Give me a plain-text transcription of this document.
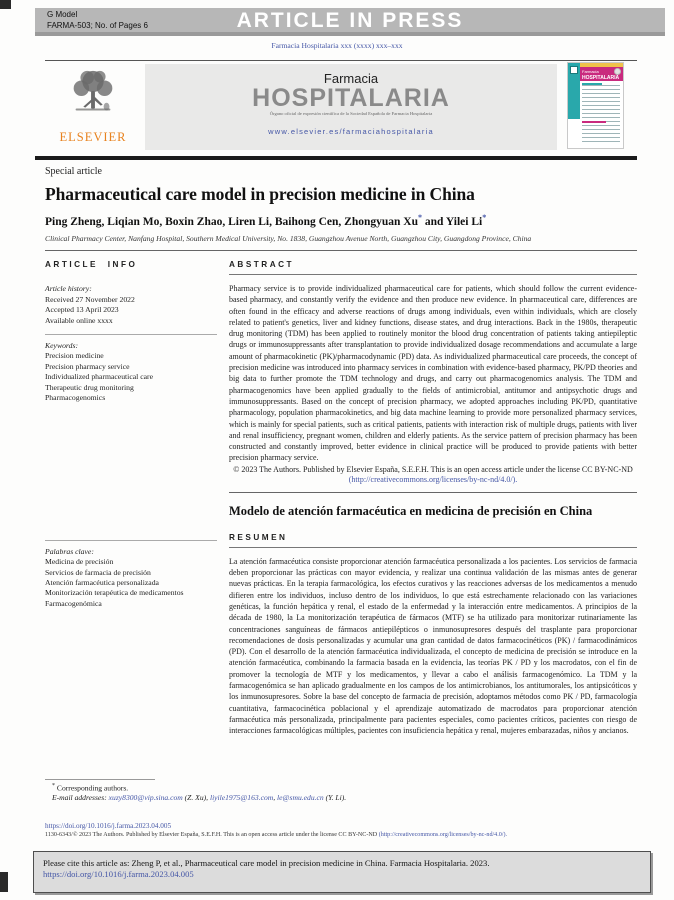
G Model
FARMA-503; No. of Pages 6	ARTICLE IN PRESS
Farmacia Hospitalaria xxx (xxxx) xxx–xxx
ELSEVIER
Farmacia
HOSPITALARIA
Órgano oficial de expresión científica de la Sociedad Española de Farmacia Hospitalaria
www.elsevier.es/farmaciahospitalaria
Farmacia
HOSPITALARIA
Special article
Pharmaceutical care model in precision medicine in China
Ping Zheng, Liqian Mo, Boxin Zhao, Liren Li, Baihong Cen, Zhongyuan Xu* and Yilei Li*
Clinical Pharmacy Center, Nanfang Hospital, Southern Medical University, No. 1838, Guangzhou Avenue North, Guangzhou City, Guangdong Province, China
ARTICLE INFO
Article history:
Received 27 November 2022
Accepted 13 April 2023
Available online xxxx
Keywords:
Precision medicine
Precision pharmacy service
Individualized pharmaceutical care
Therapeutic drug monitoring
Pharmacogenomics
ABSTRACT

Pharmacy service is to provide individualized pharmaceutical care for patients, which should follow the current evidence-based pharmacy, and constantly verify the evidence and then produce new evidence. In pharmaceutical care, differences are often found in the efficacy and adverse reactions of drugs among individuals, even within individuals, which are closely related to patient's genetics, liver and kidney functions, disease states, and drug interactions. Back in the 1980s, therapeutic drug monitoring (TDM) has been applied to routinely monitor the blood drug concentration of patients taking antiepileptic drugs or immunosuppressants after transplantation to provide individualized dosage recommendations and accumulate a large amount of pharmacokinetic (PK)/pharmacodynamic (PD) data. As individualized pharmaceutical care proceeds, the concept of precision medicine was introduced into pharmacy services in combination with evidence-based pharmacy, PK/PD theories and big data to further promote the TDM technology and drugs, and carry out pharmacogenomics analysis. The TDM and pharmacogenomics have been applied gradually to the fields of antimicrobial, antitumor and antipsychotic drugs and immunosuppressants. Based on the concept of precision pharmacy, we adopted approaches including PK/PD, quantitative pharmacology, population pharmacokinetics, and big data machine learning to provide more personalized pharmacy services, which is mainly for special patients, such as critical patients, patients with interaction risk of multiple drugs, patients with liver and renal insufficiency, pregnant women, children and elderly patients. As the service pattern of precision pharmacy has been constructed and constantly improved, better evidence in clinical practice will be produced to provide patients with better precision pharmacy service.

© 2023 The Authors. Published by Elsevier España, S.E.F.H. This is an open access article under the license CC BY-NC-ND (http://creativecommons.org/licenses/by-nc-nd/4.0/).

Palabras clave:
Medicina de precisión
Servicios de farmacia de precisión
Atención farmacéutica personalizada
Monitorización terapéutica de medicamentos
Farmacogenómica
Modelo de atención farmacéutica en medicina de precisión en China
RESUMEN

La atención farmacéutica consiste proporcionar atención farmacéutica personalizada a los pacientes. Los servicios de farmacia deben proporcionar las prácticas con mayor evidencia, y realizar una continua validación de las mismas antes de generar nuevas prácticas. En la terapia farmacológica, los efectos curativos y las reacciones adversas de los medicamentos a menudo difieren entre los individuos, incluso dentro de los individuos, lo que está estrechamente relacionado con las variaciones genéticas, la función hepática y renal, el estado de la enfermedad y la interacción entre medicamentos. A principios de la década de 1980, la La monitorización terapéutica de fármacos (MTF) se ha utilizado para monitorizar rutinariamente las concentraciones sanguíneas de fármacos antiepilépticos o inmunosupresores después del trasplante para proporcionar recomendaciones de dosis personalizadas y acumular una gran cantidad de datos farmacocinéticos (PK) / farmacodinámicos (PD). Con el desarrollo de la atención farmacéutica individualizada, el concepto de medicina de precisión se introduce en la atención farmacéutica, combinando la farmacia basada en la evidencia, las teorías PK / PD y los macrodatos, con el fin de promover la tecnología de MTF y los medicamentos, y llevar a cabo el análisis farmacogenómico. La TDM y la farmacogenómica se han aplicado gradualmente en los campos de los antimicrobianos, los antitumorales, los antipsicóticos y los inmunosupresores. Sobre la base del concepto de farmacia de precisión, adoptamos métodos como PK / PD, farmacología cuantitativa, farmacocinética poblacional y el aprendizaje automatizado de macrodatos para proporcionar atención farmacéutica más personalizada, principalmente para pacientes especiales, como pacientes críticos, pacientes con riesgo de interacciones farmacológicas múltiples, pacientes con insuficiencia hepática y renal, mujeres embarazadas, niños y ancianos.

* Corresponding authors.
E-mail addresses: xuzy8300@vip.sina.com (Z. Xu), liyile1975@163.com, le@smu.edu.cn (Y. Li).
https://doi.org/10.1016/j.farma.2023.04.005
1130-6343/© 2023 The Authors. Published by Elsevier España, S.E.F.H. This is an open access article under the license CC BY-NC-ND (http://creativecommons.org/licenses/by-nc-nd/4.0/).
Please cite this article as: Zheng P, et al., Pharmaceutical care model in precision medicine in China. Farmacia Hospitalaria. 2023. https://doi.org/10.1016/j.farma.2023.04.005
